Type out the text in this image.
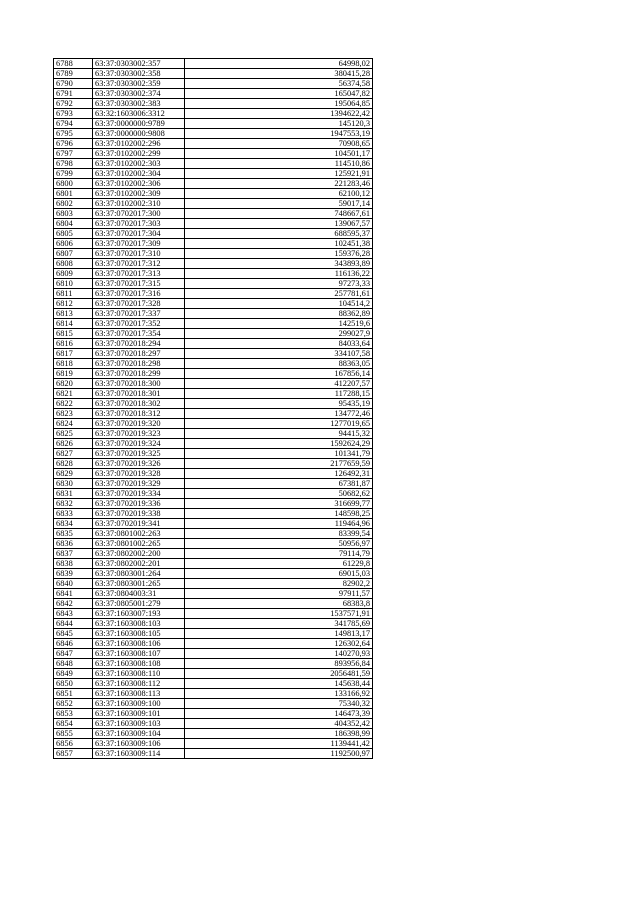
6788	63:37:0303002:357	64998,02
6789	63:37:0303002:358	380415,28
6790	63:37:0303002:359	56374,58
6791	63:37:0303002:374	165047,82
6792	63:37:0303002:383	195064,85
6793	63:32:1603006:3312	1394622,42
6794	63:37:0000000:9789	145120,3
6795	63:37:0000000:9808	1947553,19
6796	63:37:0102002:296	70908,65
6797	63:37:0102002:299	104501,17
6798	63:37:0102002:303	114510,86
6799	63:37:0102002:304	125921,91
6800	63:37:0102002:306	221283,46
6801	63:37:0102002:309	62100,12
6802	63:37:0102002:310	59017,14
6803	63:37:0702017:300	748667,61
6804	63:37:0702017:303	139067,57
6805	63:37:0702017:304	688595,37
6806	63:37:0702017:309	102451,38
6807	63:37:0702017:310	159376,28
6808	63:37:0702017:312	343893,89
6809	63:37:0702017:313	116136,22
6810	63:37:0702017:315	97273,33
6811	63:37:0702017:316	257781,61
6812	63:37:0702017:328	104514,2
6813	63:37:0702017:337	88362,89
6814	63:37:0702017:352	142519,6
6815	63:37:0702017:354	299027,9
6816	63:37:0702018:294	84033,64
6817	63:37:0702018:297	334107,58
6818	63:37:0702018:298	88363,05
6819	63:37:0702018:299	167856,14
6820	63:37:0702018:300	412207,57
6821	63:37:0702018:301	117288,15
6822	63:37:0702018:302	95435,19
6823	63:37:0702018:312	134772,46
6824	63:37:0702019:320	1277019,65
6825	63:37:0702019:323	94415,32
6826	63:37:0702019:324	1592624,29
6827	63:37:0702019:325	101341,79
6828	63:37:0702019:326	2177659,59
6829	63:37:0702019:328	126492,31
6830	63:37:0702019:329	67381,87
6831	63:37:0702019:334	50682,62
6832	63:37:0702019:336	316699,77
6833	63:37:0702019:338	148598,25
6834	63:37:0702019:341	119464,96
6835	63:37:0801002:263	83399,54
6836	63:37:0801002:265	50956,97
6837	63:37:0802002:200	79114,79
6838	63:37:0802002:201	61229,8
6839	63:37:0803001:264	69015,03
6840	63:37:0803001:265	82902,2
6841	63:37:0804003:31	97911,57
6842	63:37:0805001:279	68383,8
6843	63:37:1603007:193	1537571,91
6844	63:37:1603008:103	341785,69
6845	63:37:1603008:105	149813,17
6846	63:37:1603008:106	126302,64
6847	63:37:1603008:107	140270,93
6848	63:37:1603008:108	893956,84
6849	63:37:1603008:110	2056481,59
6850	63:37:1603008:112	145638,44
6851	63:37:1603008:113	133166,92
6852	63:37:1603009:100	75340,32
6853	63:37:1603009:101	146473,39
6854	63:37:1603009:103	404352,42
6855	63:37:1603009:104	186398,99
6856	63:37:1603009:106	1139441,42
6857	63:37:1603009:114	1192500,97
